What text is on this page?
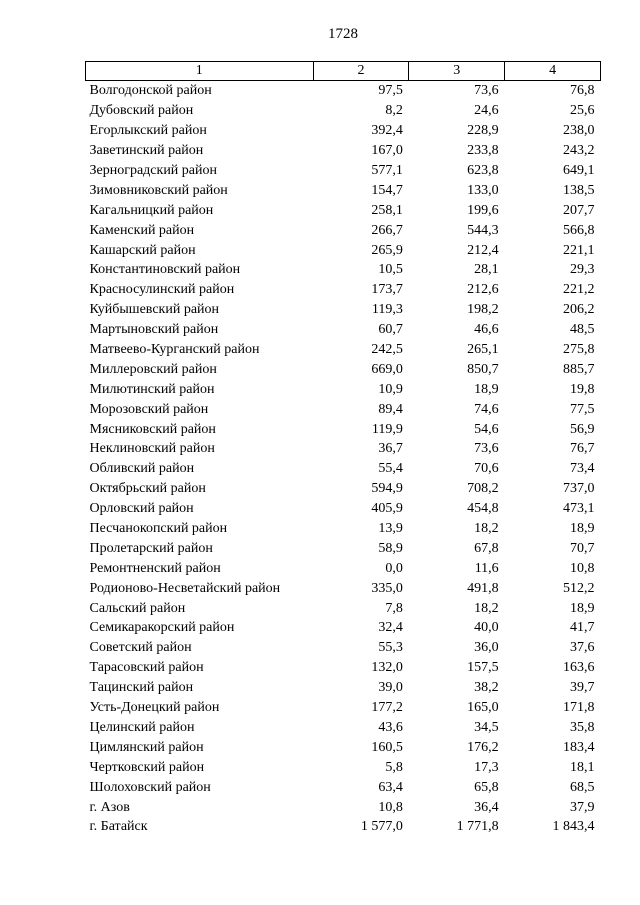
1728
1	2	3	4
Волгодонской район	97,5	73,6	76,8
Дубовский район	8,2	24,6	25,6
Егорлыкский район	392,4	228,9	238,0
Заветинский район	167,0	233,8	243,2
Зерноградский район	577,1	623,8	649,1
Зимовниковский район	154,7	133,0	138,5
Кагальницкий район	258,1	199,6	207,7
Каменский район	266,7	544,3	566,8
Кашарский район	265,9	212,4	221,1
Константиновский район	10,5	28,1	29,3
Красносулинский район	173,7	212,6	221,2
Куйбышевский район	119,3	198,2	206,2
Мартыновский район	60,7	46,6	48,5
Матвеево-Курганский район	242,5	265,1	275,8
Миллеровский район	669,0	850,7	885,7
Милютинский район	10,9	18,9	19,8
Морозовский район	89,4	74,6	77,5
Мясниковский район	119,9	54,6	56,9
Неклиновский район	36,7	73,6	76,7
Обливский район	55,4	70,6	73,4
Октябрьский район	594,9	708,2	737,0
Орловский район	405,9	454,8	473,1
Песчанокопский район	13,9	18,2	18,9
Пролетарский район	58,9	67,8	70,7
Ремонтненский район	0,0	11,6	10,8
Родионово-Несветайский район	335,0	491,8	512,2
Сальский район	7,8	18,2	18,9
Семикаракорский район	32,4	40,0	41,7
Советский район	55,3	36,0	37,6
Тарасовский район	132,0	157,5	163,6
Тацинский район	39,0	38,2	39,7
Усть-Донецкий район	177,2	165,0	171,8
Целинский район	43,6	34,5	35,8
Цимлянский район	160,5	176,2	183,4
Чертковский район	5,8	17,3	18,1
Шолоховский район	63,4	65,8	68,5
г. Азов	10,8	36,4	37,9
г. Батайск	1 577,0	1 771,8	1 843,4
